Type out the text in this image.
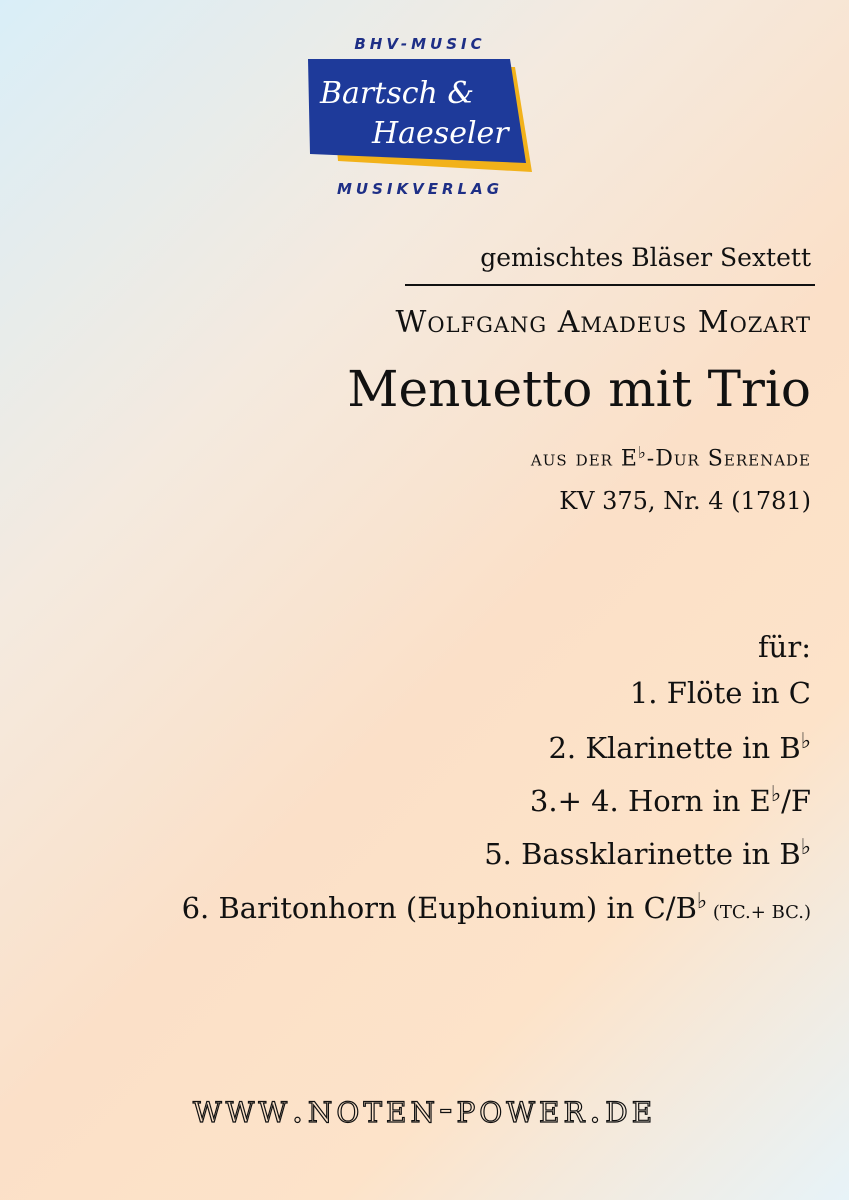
BHV-MUSIC
Bartsch &
Haeseler
MUSIKVERLAG
gemischtes Bläser Sextett
Wolfgang Amadeus Mozart
Menuetto mit Trio
aus der E♭-Dur Serenade
KV 375, Nr. 4 (1781)
für:
1. Flöte in C
2. Klarinette in B♭
3.+ 4. Horn in E♭/F
5. Bassklarinette in B♭
6. Baritonhorn (Euphonium) in C/B♭ (TC.+ BC.)
www.noten-power.de
